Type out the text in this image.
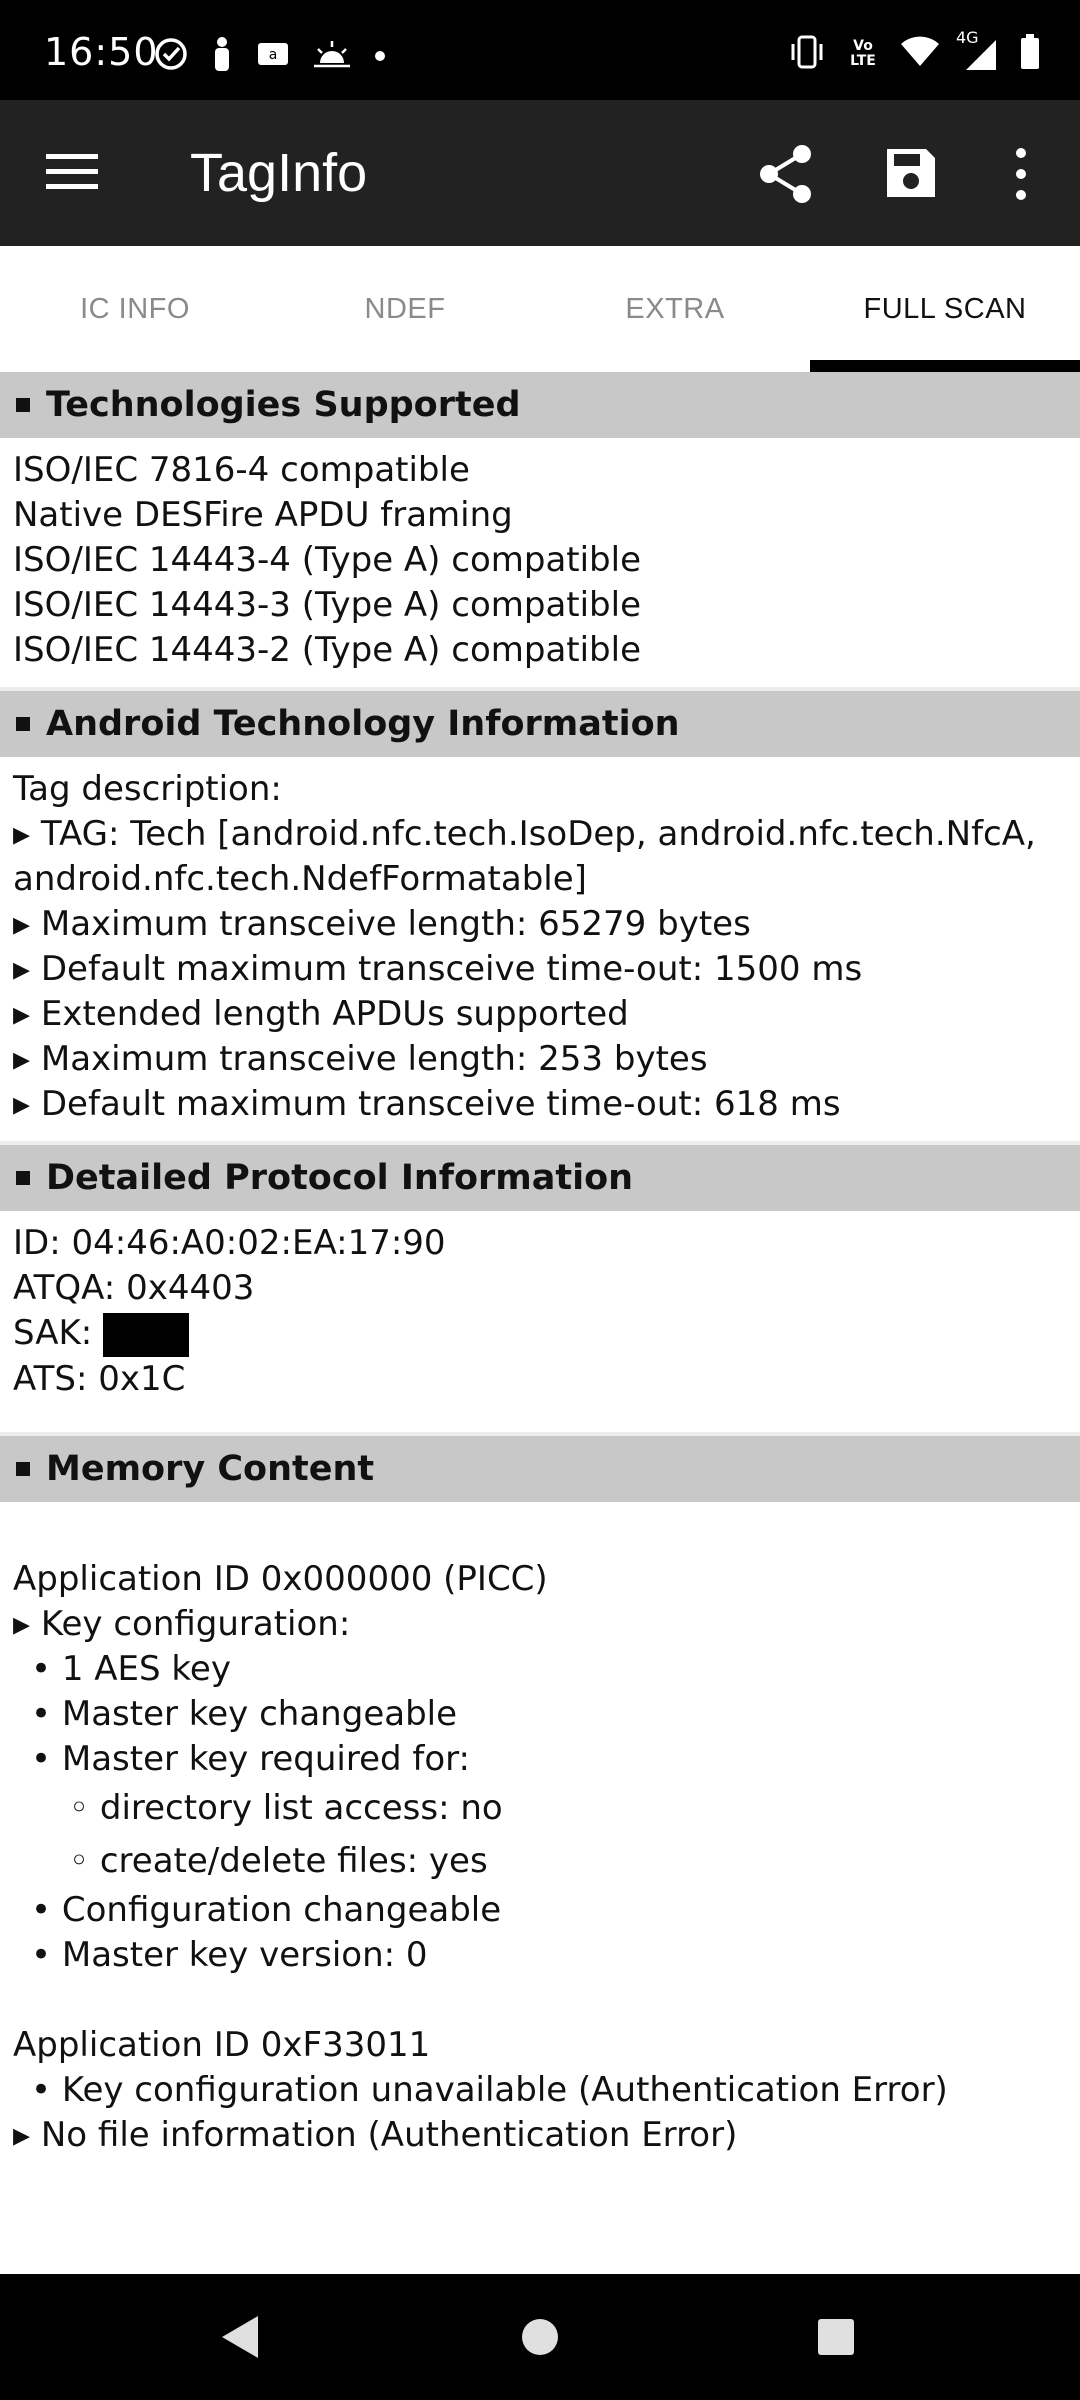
16:50	a
Vo LTE
4G
TagInfo
IC INFO	NDEF	EXTRA	FULL SCAN
Technologies Supported
ISO/IEC 7816-4 compatible
Native DESFire APDU framing
ISO/IEC 14443-4 (Type A) compatible
ISO/IEC 14443-3 (Type A) compatible
ISO/IEC 14443-2 (Type A) compatible
Android Technology Information
Tag description:
▸ TAG: Tech [android.nfc.tech.IsoDep, android.nfc.tech.NfcA,
android.nfc.tech.NdefFormatable]
▸ Maximum transceive length: 65279 bytes
▸ Default maximum transceive time-out: 1500 ms
▸ Extended length APDUs supported
▸ Maximum transceive length: 253 bytes
▸ Default maximum transceive time-out: 618 ms
Detailed Protocol Information
ID: 04:46:A0:02:EA:17:90
ATQA: 0x4403
SAK:
ATS: 0x1C
Memory Content
Application ID 0x000000 (PICC)
▸ Key configuration:
• 1 AES key
• Master key changeable
• Master key required for:
◦ directory list access: no
◦ create/delete files: yes
• Configuration changeable
• Master key version: 0
Application ID 0xF33011
• Key configuration unavailable (Authentication Error)
▸ No file information (Authentication Error)
